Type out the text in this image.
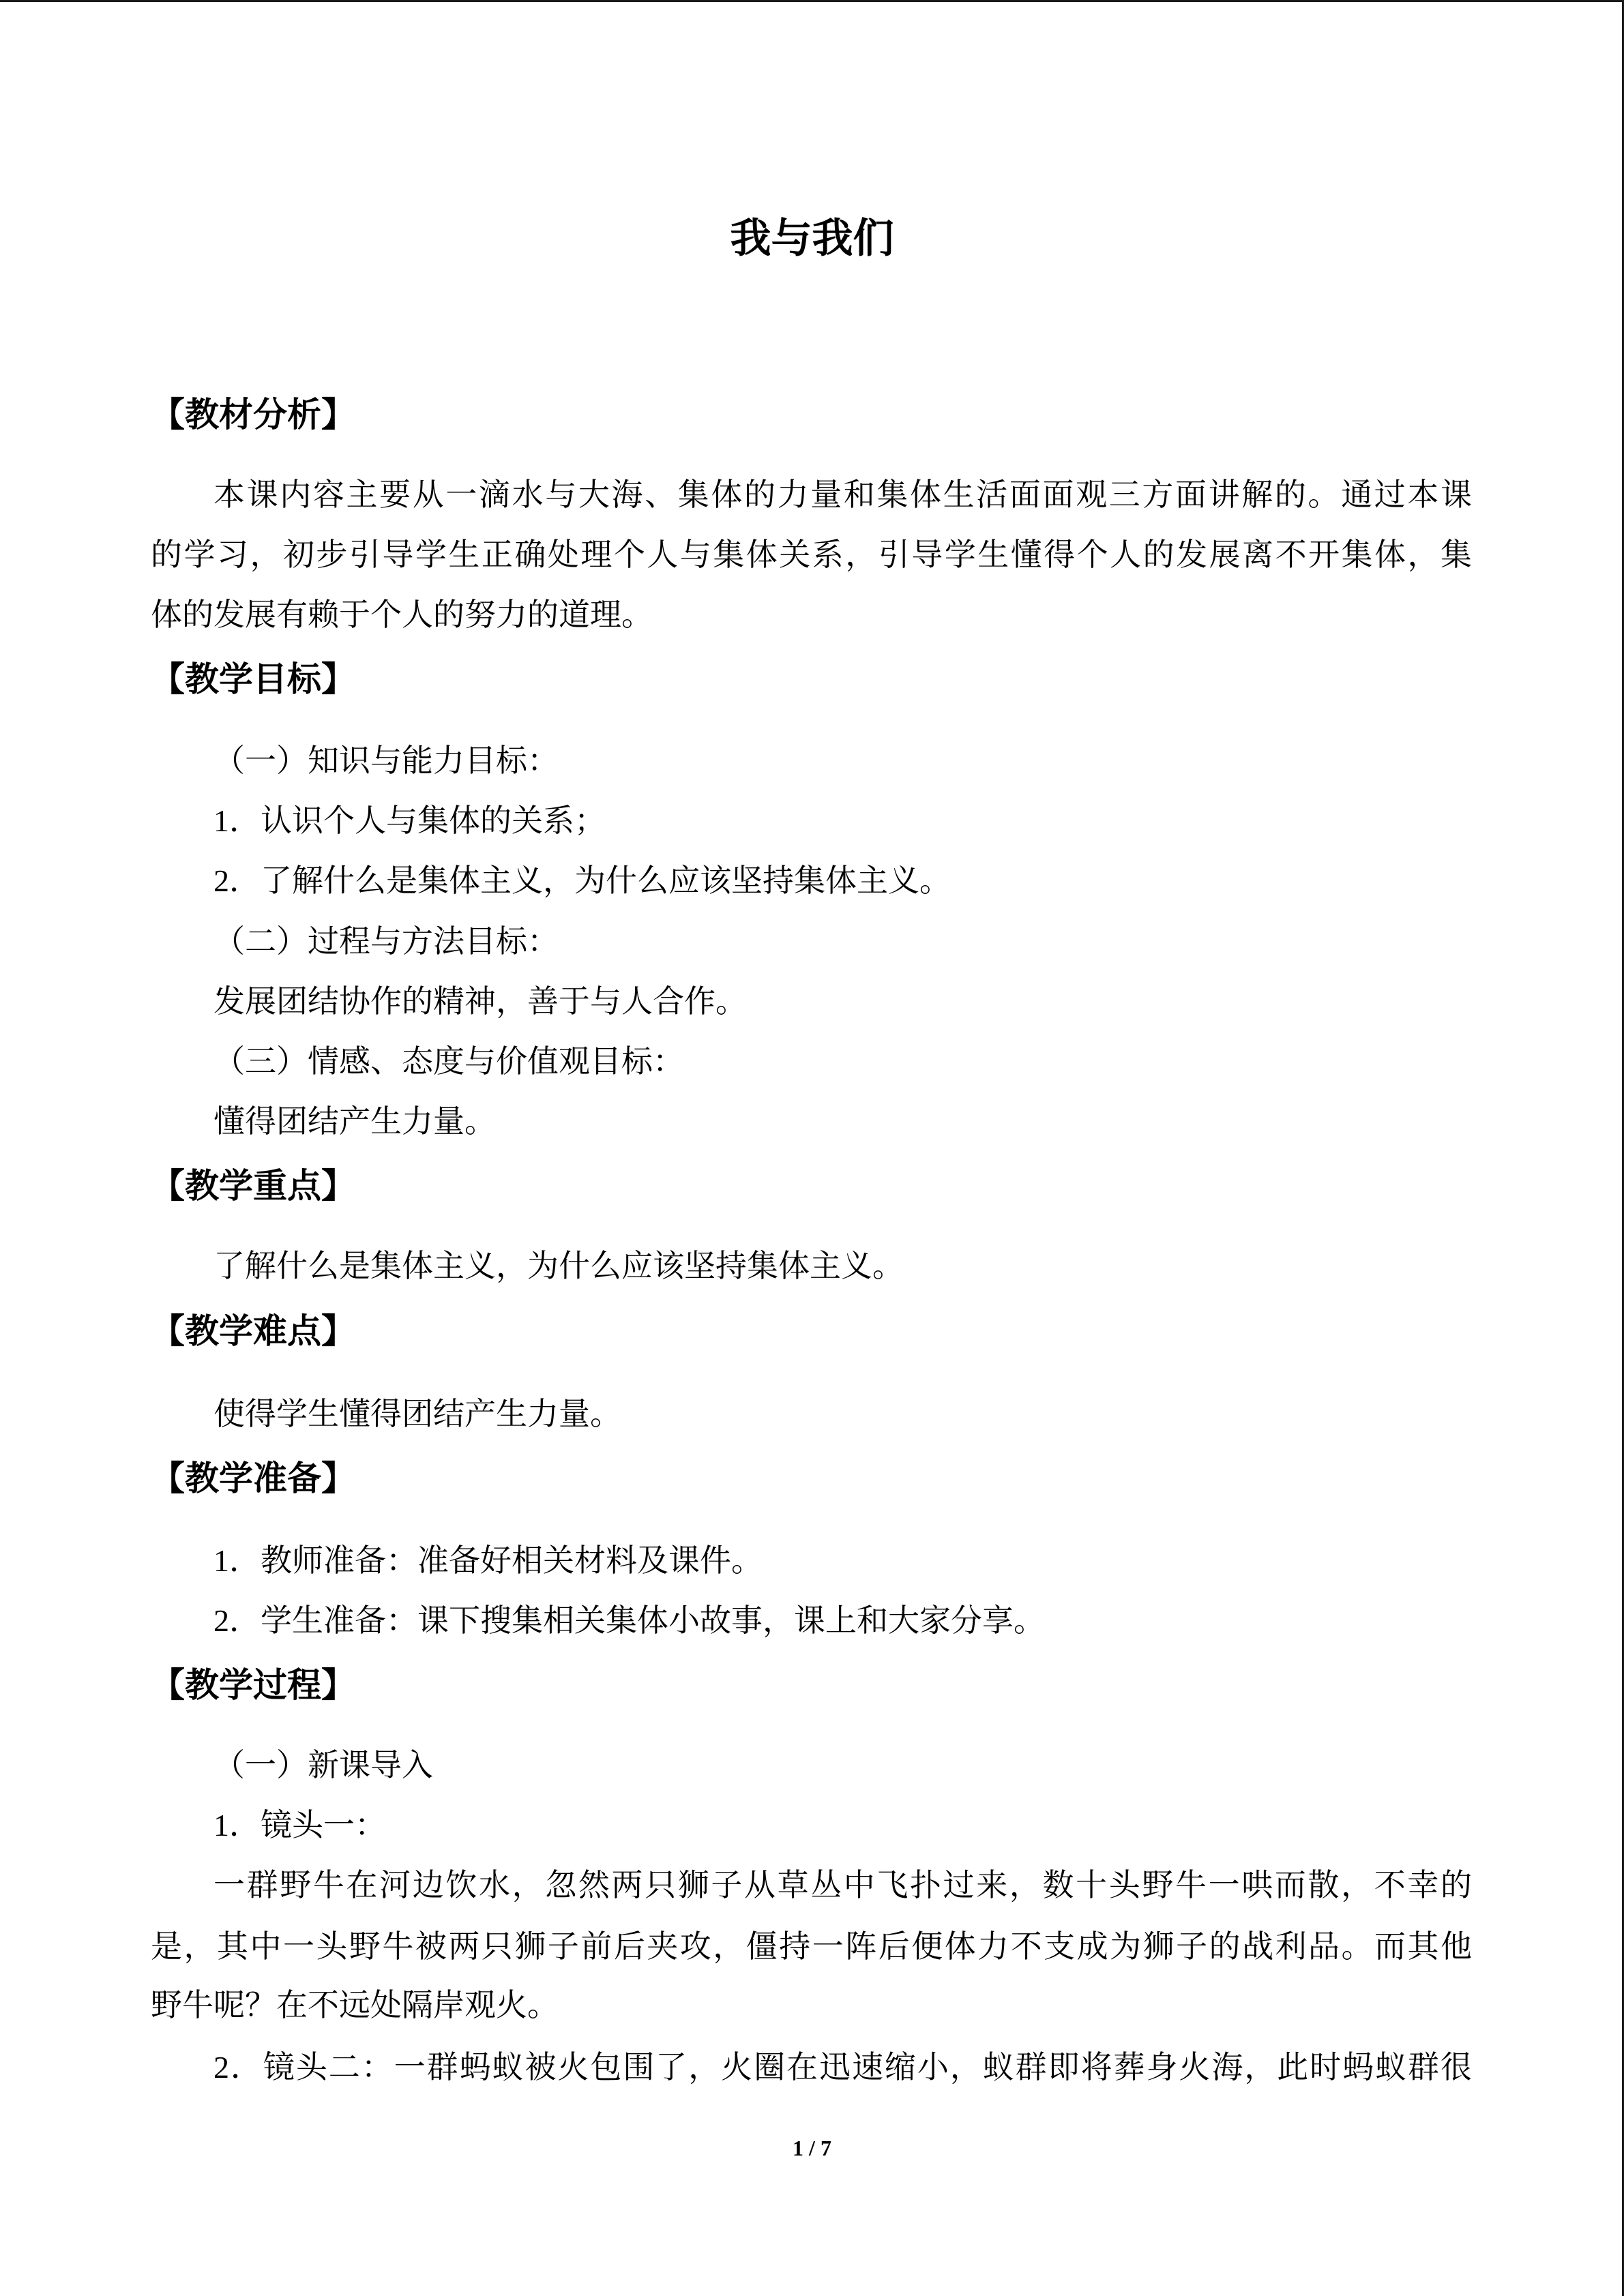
我与我们
【教材分析】
本课内容主要从一滴水与大海、集体的力量和集体生活面面观三方面讲解的。通过本课
的学习，初步引导学生正确处理个人与集体关系，引导学生懂得个人的发展离不开集体，集
体的发展有赖于个人的努力的道理。
【教学目标】
（一）知识与能力目标：
1．认识个人与集体的关系；
2．了解什么是集体主义，为什么应该坚持集体主义。
（二）过程与方法目标：
发展团结协作的精神，善于与人合作。
（三）情感、态度与价值观目标：
懂得团结产生力量。
【教学重点】
了解什么是集体主义，为什么应该坚持集体主义。
【教学难点】
使得学生懂得团结产生力量。
【教学准备】
1．教师准备：准备好相关材料及课件。
2．学生准备：课下搜集相关集体小故事，课上和大家分享。
【教学过程】
（一）新课导入
1．镜头一：
一群野牛在河边饮水，忽然两只狮子从草丛中飞扑过来，数十头野牛一哄而散，不幸的
是，其中一头野牛被两只狮子前后夹攻，僵持一阵后便体力不支成为狮子的战利品。而其他
野牛呢？在不远处隔岸观火。
2．镜头二：一群蚂蚁被火包围了，火圈在迅速缩小，蚁群即将葬身火海，此时蚂蚁群很
1 / 7
